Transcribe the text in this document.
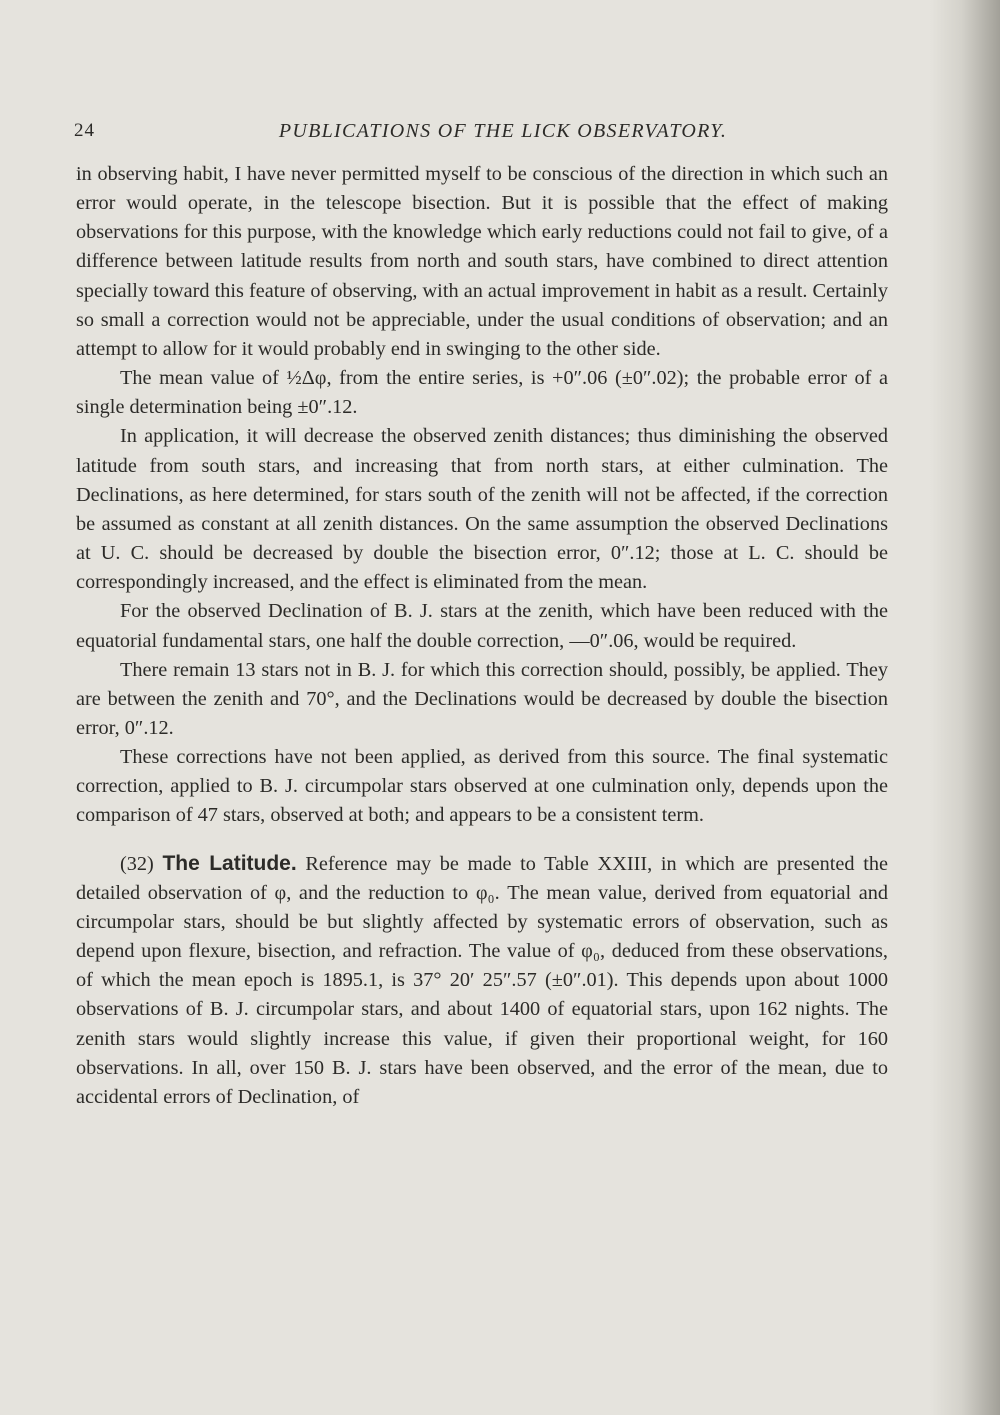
24	PUBLICATIONS OF THE LICK OBSERVATORY.

in observing habit, I have never permitted myself to be conscious of the direction in which such an error would operate, in the telescope bisection. But it is possible that the effect of making observations for this purpose, with the knowledge which early reductions could not fail to give, of a difference between latitude results from north and south stars, have combined to direct attention specially toward this feature of observing, with an actual improvement in habit as a result. Certainly so small a correction would not be appreciable, under the usual conditions of observation; and an attempt to allow for it would probably end in swinging to the other side.

The mean value of ½Δφ, from the entire series, is +0″.06 (±0″.02); the probable error of a single determination being ±0″.12.

In application, it will decrease the observed zenith distances; thus diminishing the observed latitude from south stars, and increasing that from north stars, at either culmination. The Declinations, as here determined, for stars south of the zenith will not be affected, if the correction be assumed as constant at all zenith distances. On the same assumption the observed Declinations at U. C. should be decreased by double the bisection error, 0″.12; those at L. C. should be correspondingly increased, and the effect is eliminated from the mean.

For the observed Declination of B. J. stars at the zenith, which have been reduced with the equatorial fundamental stars, one half the double correction, —0″.06, would be required.

There remain 13 stars not in B. J. for which this correction should, possibly, be applied. They are between the zenith and 70°, and the Declinations would be decreased by double the bisection error, 0″.12.

These corrections have not been applied, as derived from this source. The final systematic correction, applied to B. J. circumpolar stars observed at one culmination only, depends upon the comparison of 47 stars, observed at both; and appears to be a consistent term.

(32) The Latitude. Reference may be made to Table XXIII, in which are presented the detailed observation of φ, and the reduction to φ₀. The mean value, derived from equatorial and circumpolar stars, should be but slightly affected by systematic errors of observation, such as depend upon flexure, bisection, and refraction. The value of φ₀, deduced from these observations, of which the mean epoch is 1895.1, is 37° 20′ 25″.57 (±0″.01). This depends upon about 1000 observations of B. J. circumpolar stars, and about 1400 of equatorial stars, upon 162 nights. The zenith stars would slightly increase this value, if given their proportional weight, for 160 observations. In all, over 150 B. J. stars have been observed, and the error of the mean, due to accidental errors of Declination, of
